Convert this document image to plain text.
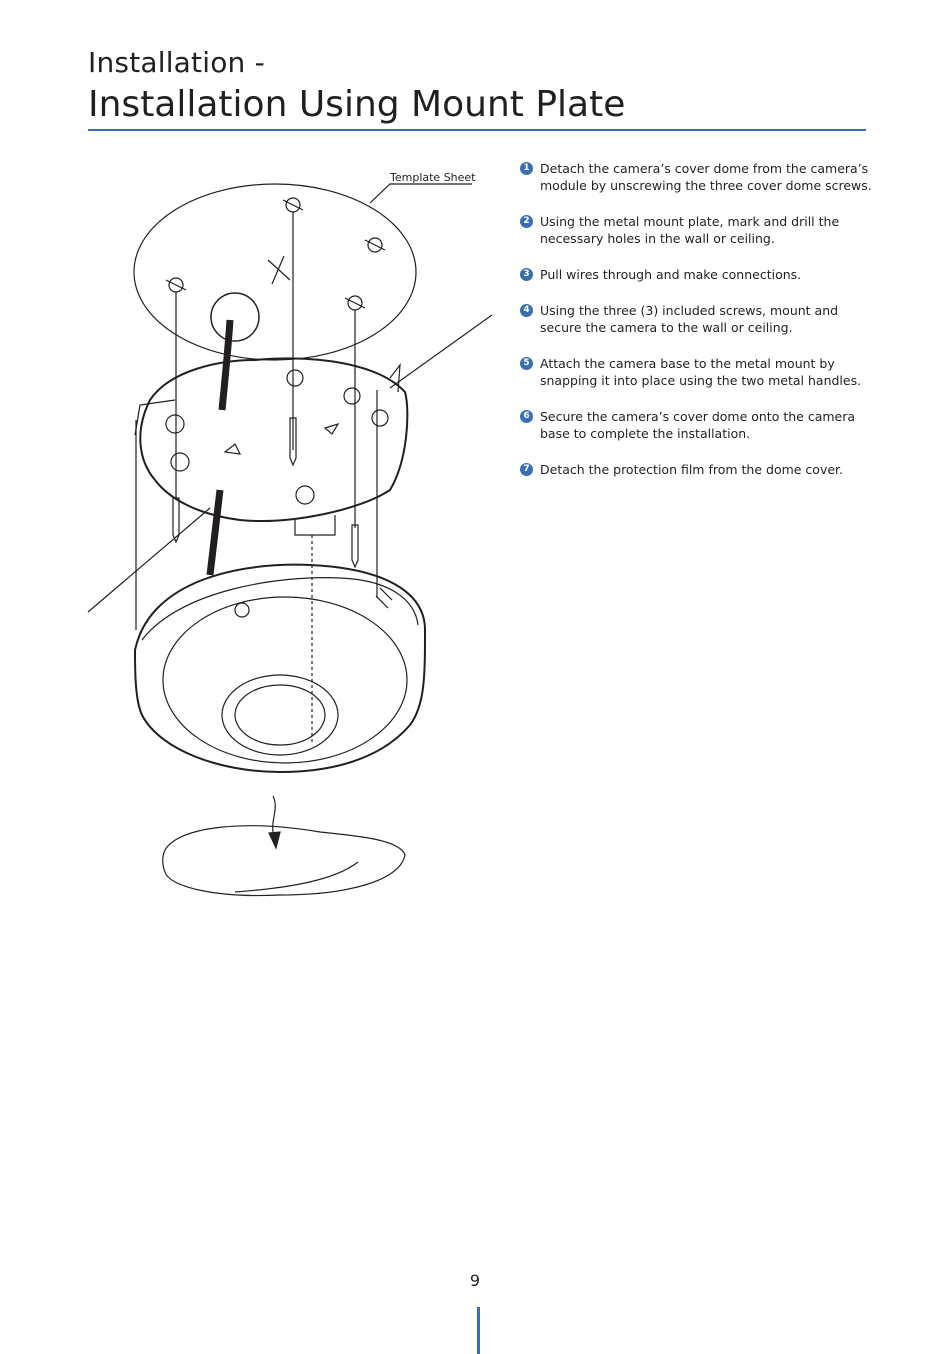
Installation -
Installation Using Mount Plate
Template Sheet
1 Detach the camera’s cover dome from the camera’s module by unscrewing the three cover dome screws.
2 Using the metal mount plate, mark and drill the necessary holes in the wall or ceiling.
3 Pull wires through and make connections.
4 Using the three (3) included screws, mount and secure the camera to the wall or ceiling.
5 Attach the camera base to the metal mount by snapping it into place using the two metal handles.
6 Secure the camera’s cover dome onto the camera base to complete the installation.
7 Detach the protection film from the dome cover.
9
